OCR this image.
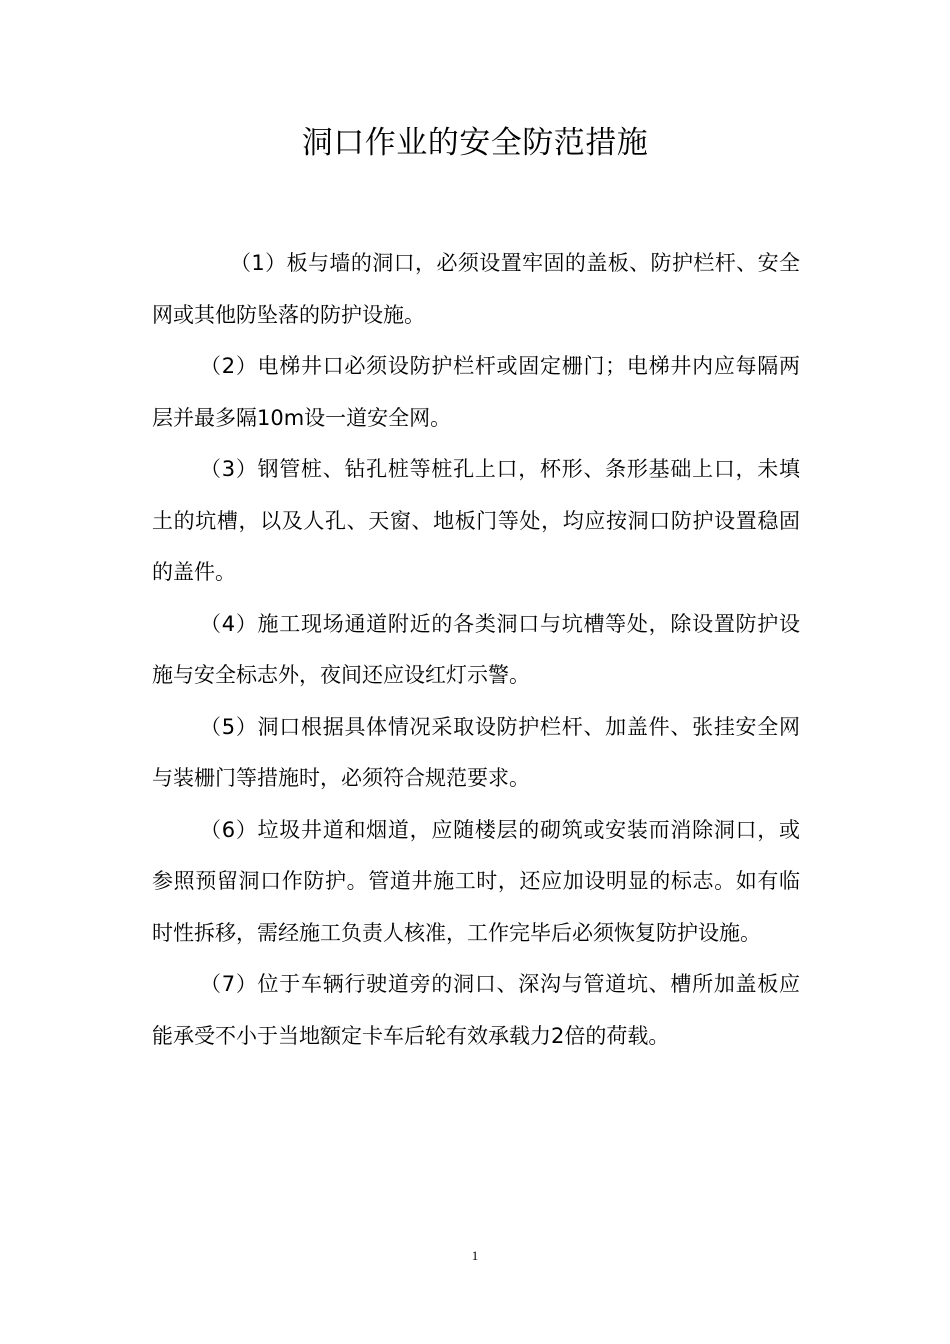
洞口作业的安全防范措施

（1）板与墙的洞口，必须设置牢固的盖板、防护栏杆、安全网或其他防坠落的防护设施。

（2）电梯井口必须设防护栏杆或固定栅门；电梯井内应每隔两层并最多隔10m设一道安全网。

（3）钢管桩、钻孔桩等桩孔上口，杯形、条形基础上口，未填土的坑槽，以及人孔、天窗、地板门等处，均应按洞口防护设置稳固的盖件。

（4）施工现场通道附近的各类洞口与坑槽等处，除设置防护设施与安全标志外，夜间还应设红灯示警。

（5）洞口根据具体情况采取设防护栏杆、加盖件、张挂安全网与装栅门等措施时，必须符合规范要求。

（6）垃圾井道和烟道，应随楼层的砌筑或安装而消除洞口，或参照预留洞口作防护。管道井施工时，还应加设明显的标志。如有临时性拆移，需经施工负责人核准，工作完毕后必须恢复防护设施。

（7）位于车辆行驶道旁的洞口、深沟与管道坑、槽所加盖板应能承受不小于当地额定卡车后轮有效承载力2倍的荷载。

1
